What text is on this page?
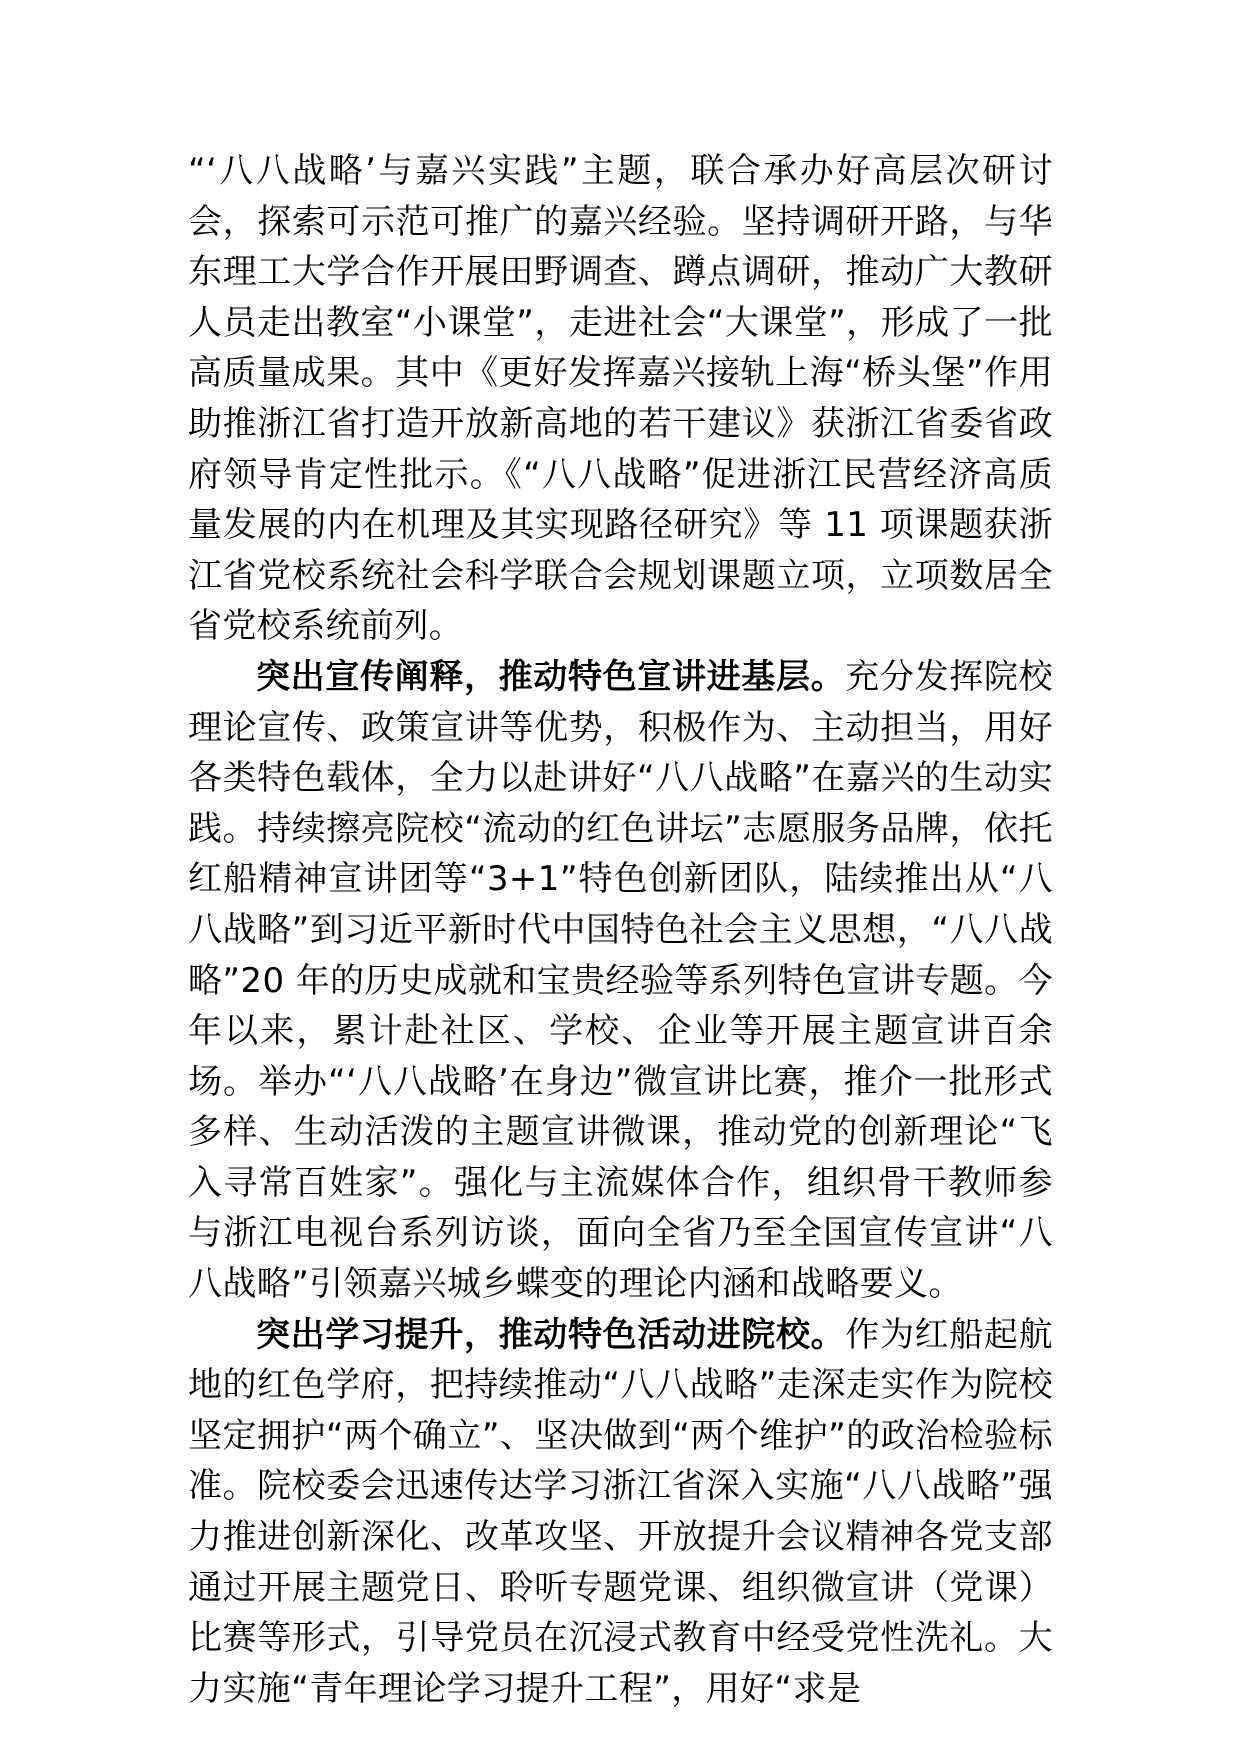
“‘八八战略’与嘉兴实践”主题，联合承办好高层次研讨会，探索可示范可推广的嘉兴经验。坚持调研开路，与华东理工大学合作开展田野调查、蹲点调研，推动广大教研人员走出教室“小课堂”，走进社会“大课堂”，形成了一批高质量成果。其中《更好发挥嘉兴接轨上海“桥头堡”作用助推浙江省打造开放新高地的若干建议》获浙江省委省政府领导肯定性批示。《“八八战略”促进浙江民营经济高质量发展的内在机理及其实现路径研究》等 11 项课题获浙江省党校系统社会科学联合会规划课题立项，立项数居全省党校系统前列。

突出宣传阐释，推动特色宣讲进基层。充分发挥院校理论宣传、政策宣讲等优势，积极作为、主动担当，用好各类特色载体，全力以赴讲好“八八战略”在嘉兴的生动实践。持续擦亮院校“流动的红色讲坛”志愿服务品牌，依托红船精神宣讲团等“3+1”特色创新团队，陆续推出从“八八战略”到习近平新时代中国特色社会主义思想，“八八战略”20 年的历史成就和宝贵经验等系列特色宣讲专题。今年以来，累计赴社区、学校、企业等开展主题宣讲百余场。举办“‘八八战略’在身边”微宣讲比赛，推介一批形式多样、生动活泼的主题宣讲微课，推动党的创新理论“飞入寻常百姓家”。强化与主流媒体合作，组织骨干教师参与浙江电视台系列访谈，面向全省乃至全国宣传宣讲“八八战略”引领嘉兴城乡蝶变的理论内涵和战略要义。

突出学习提升，推动特色活动进院校。作为红船起航地的红色学府，把持续推动“八八战略”走深走实作为院校坚定拥护“两个确立”、坚决做到“两个维护”的政治检验标准。院校委会迅速传达学习浙江省深入实施“八八战略”强力推进创新深化、改革攻坚、开放提升会议精神各党支部通过开展主题党日、聆听专题党课、组织微宣讲（党课）比赛等形式，引导党员在沉浸式教育中经受党性洗礼。大力实施“青年理论学习提升工程”，用好“求是
